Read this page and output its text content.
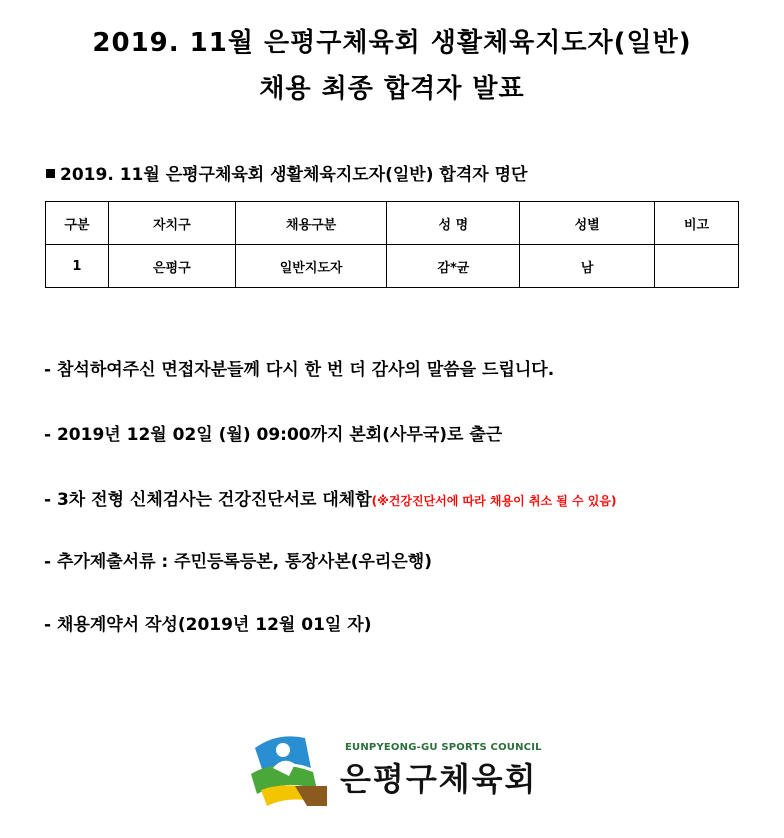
2019. 11월 은평구체육회 생활체육지도자(일반)
채용 최종 합격자 발표
2019. 11월 은평구체육회 생활체육지도자(일반) 합격자 명단
구분	자치구	채용구분	성 명	성별	비고
1	은평구	일반지도자	감*균	남	
- 참석하여주신 면접자분들께 다시 한 번 더 감사의 말씀을 드립니다.
- 2019년 12월 02일 (월) 09:00까지 본회(사무국)로 출근
- 3차 전형 신체검사는 건강진단서로 대체함(※건강진단서에 따라 채용이 취소 될 수 있음)
- 추가제출서류 : 주민등록등본, 통장사본(우리은행)
- 채용계약서 작성(2019년 12월 01일 자)
EUNPYEONG-GU SPORTS COUNCIL
은평구체육회
